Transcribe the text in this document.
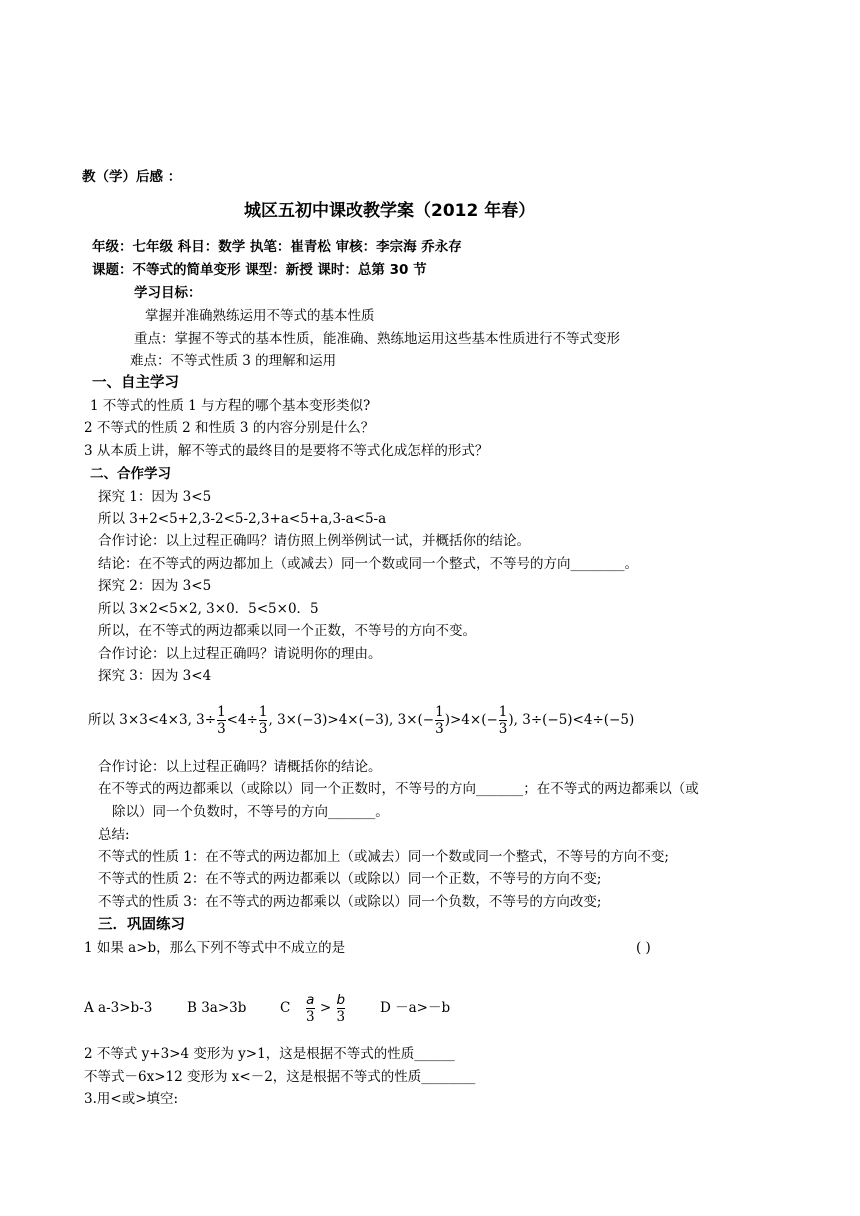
教（学）后感 ：
城区五初中课改教学案（2012 年春）
年级：七年级 科目：数学 执笔：崔青松 审核：李宗海 乔永存
课题：不等式的简单变形 课型：新授 课时：总第 30 节
学习目标：
掌握并准确熟练运用不等式的基本性质
重点：掌握不等式的基本性质，能准确、熟练地运用这些基本性质进行不等式变形
难点：不等式性质 3 的理解和运用
一、自主学习
1 不等式的性质 1 与方程的哪个基本变形类似?
2 不等式的性质 2 和性质 3 的内容分别是什么？
3 从本质上讲，解不等式的最终目的是要将不等式化成怎样的形式？
二、合作学习
探究 1：因为 3<5
所以 3+2<5+2,3-2<5-2,3+a<5+a,3-a<5-a
合作讨论：以上过程正确吗？请仿照上例举例试一试，并概括你的结论。
结论：在不等式的两边都加上（或减去）同一个数或同一个整式，不等号的方向________。
探究 2：因为 3<5
所以 3×2<5×2, 3×0．5<5×0．5
所以，在不等式的两边都乘以同一个正数，不等号的方向不变。
合作讨论：以上过程正确吗？请说明你的理由。
探究 3：因为 3<4
所以 3×3<4×3, $3\div \frac{1}{3} <4\div \frac{1}{3}$ , 3×(−3)>4×(−3), $3\times(- \frac{1}{3} )>4\times(- \frac{1}{3}$ ), 3÷(−5)<4÷(−5)
合作讨论：以上过程正确吗？请概括你的结论。
在不等式的两边都乘以（或除以）同一个正数时，不等号的方向_______；在不等式的两边都乘以（或
除以）同一个负数时，不等号的方向_______。
总结:
不等式的性质 1：在不等式的两边都加上（或减去）同一个数或同一个整式，不等号的方向不变;
不等式的性质 2：在不等式的两边都乘以（或除以）同一个正数，不等号的方向不变;
不等式的性质 3：在不等式的两边都乘以（或除以）同一个负数，不等号的方向改变;
三．巩固练习
1 如果 a>b，那么下列不等式中不成立的是	( )
A a-3>b-3	B 3a>3b C $\frac{a}{3} > \frac{b}{3}$	D －a>－b
2 不等式 y+3>4 变形为 y>1，这是根据不等式的性质______
不等式－6x>12 变形为 x<－2，这是根据不等式的性质________
3.用<或>填空:
